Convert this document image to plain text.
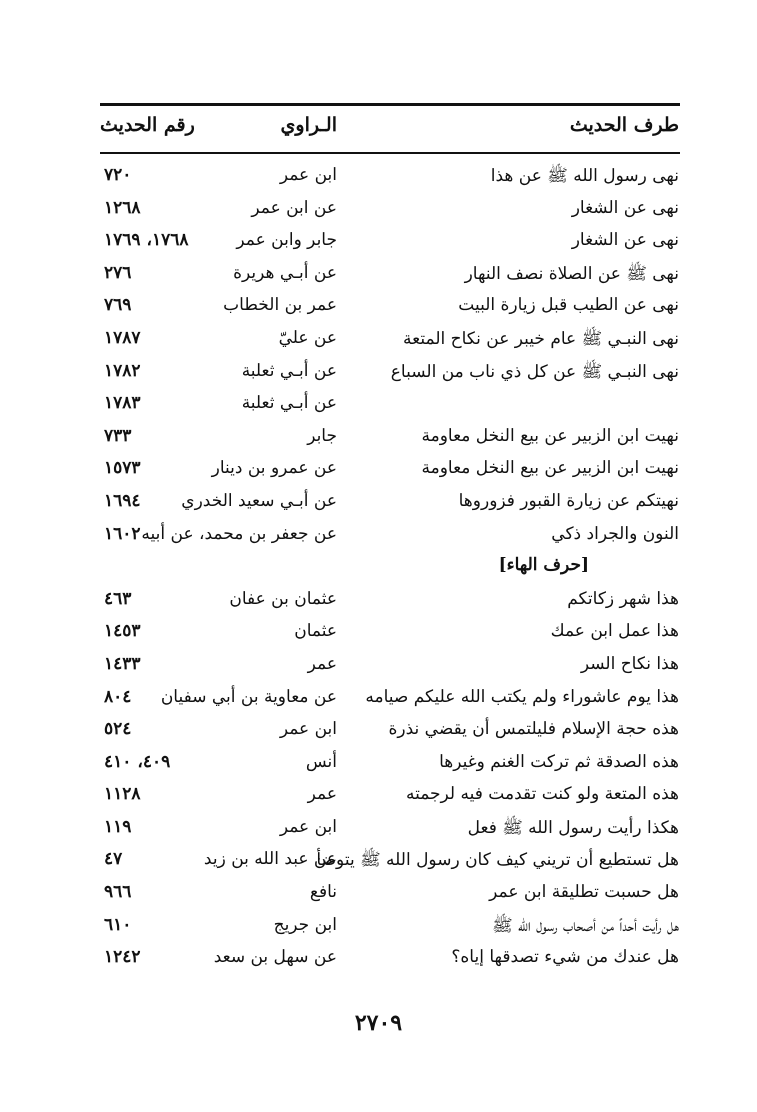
طرف الحديث
الـراوي
رقم الحديث
نهى رسول الله ﷺ عن هذا
ابن عمر
٧٢٠
نهى عن الشغار
عن ابن عمر
١٢٦٨
نهى عن الشغار
جابر وابن عمر
١٧٦٨، ١٧٦٩
نهى ﷺ عن الصلاة نصف النهار
عن أبـي هريرة
٢٧٦
نهى عن الطيب قبل زيارة البيت
عمر بن الخطاب
٧٦٩
نهى النبـي ﷺ عام خيبر عن نكاح المتعة
عن عليّ
١٧٨٧
نهى النبـي ﷺ عن كل ذي ناب من السباع
عن أبـي ثعلبة
١٧٨٢
عن أبـي ثعلبة
١٧٨٣
نهيت ابن الزبير عن بيع النخل معاومة
جابر
٧٣٣
نهيت ابن الزبير عن بيع النخل معاومة
عن عمرو بن دينار
١٥٧٣
نهيتكم عن زيارة القبور فزوروها
عن أبـي سعيد الخدري
١٦٩٤
النون والجراد ذكي
عن جعفر بن محمد، عن أبيه
١٦٠٢
[حرف الهاء]
هذا شهر زكاتكم
عثمان بن عفان
٤٦٣
هذا عمل ابن عمك
عثمان
١٤٥٣
هذا نكاح السر
عمر
١٤٣٣
هذا يوم عاشوراء ولم يكتب الله عليكم صيامه
عن معاوية بن أبي سفيان
٨٠٤
هذه حجة الإسلام فليلتمس أن يقضي نذرة
ابن عمر
٥٢٤
هذه الصدقة ثم تركت الغنم وغيرها
أنس
٤٠٩، ٤١٠
هذه المتعة ولو كنت تقدمت فيه لرجمته
عمر
١١٢٨
هكذا رأيت رسول الله ﷺ فعل
ابن عمر
١١٩
هل تستطيع أن تريني كيف كان رسول الله ﷺ يتوضأ
عن عبد الله بن زيد
٤٧
هل حسبت تطليقة ابن عمر
نافع
٩٦٦
هل رأيت أحداً من أصحاب رسول الله ﷺ
ابن جريج
٦١٠
هل عندك من شيء تصدقها إياه؟
عن سهل بن سعد
١٢٤٢
٢٧٠٩
